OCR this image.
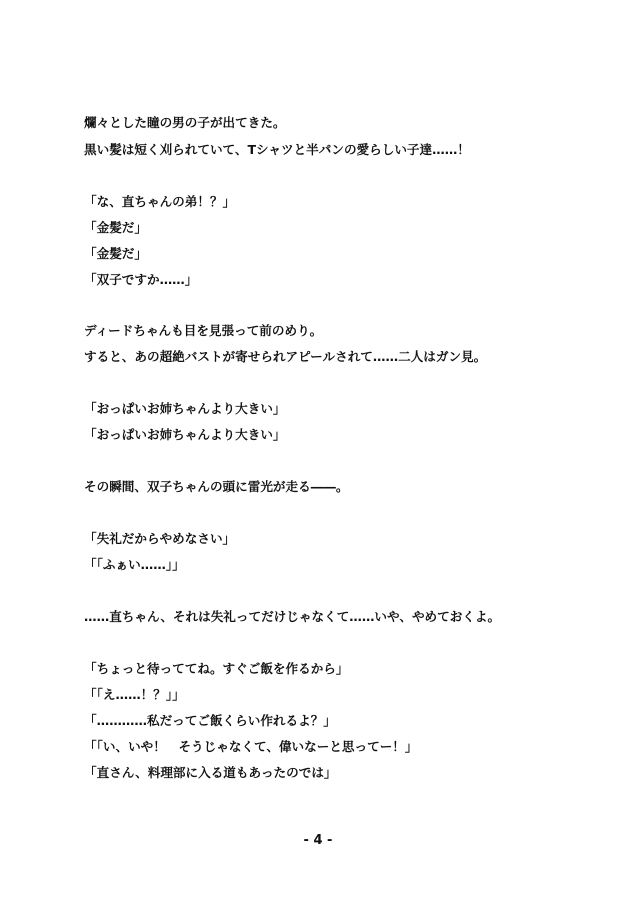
爛々とした瞳の男の子が出てきた。
黒い髪は短く刈られていて、Tシャツと半パンの愛らしい子達……！
「な、直ちゃんの弟！？」
「金髪だ」
「金髪だ」
「双子ですか……」
ディードちゃんも目を見張って前のめり。
すると、あの超絶バストが寄せられアピールされて……二人はガン見。
「おっぱいお姉ちゃんより大きい」
「おっぱいお姉ちゃんより大きい」
その瞬間、双子ちゃんの頭に雷光が走る――。
「失礼だからやめなさい」
「「ふぁい……」」
……直ちゃん、それは失礼ってだけじゃなくて……いや、やめておくよ。
「ちょっと待っててね。すぐご飯を作るから」
「「え……！？」」
「…………私だってご飯くらい作れるよ？」
「「い、いや！　そうじゃなくて、偉いなーと思ってー！」
「直さん、料理部に入る道もあったのでは」
- 4 -
